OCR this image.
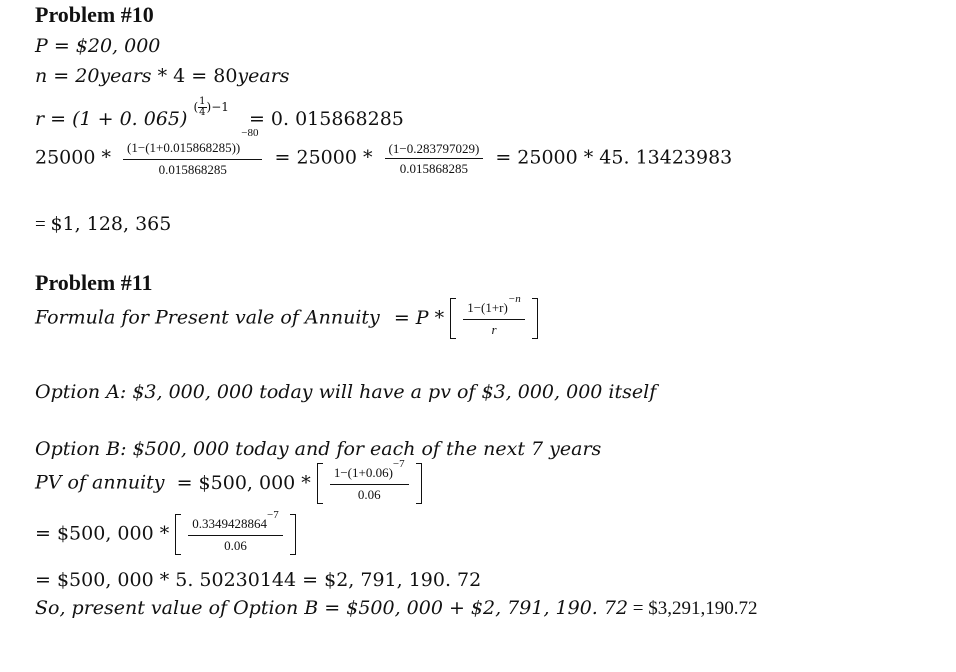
Problem #10
P = $20, 000
n = 20years * 4 = 80years
r = (1 + 0. 065) $^{( \frac{1}{4} )-1}$ = 0. 015868285
$25000 * \frac{(1-(1+0.015868285))^{-80}}{0.015868285} = 25000 * \frac{(1-0.283797029)}{0.015868285} = 25000 * 45$. 13423983
= $1, 128, 365
Problem #11
Formula for Present vale of Annuity = P * $\frac{1-(1+r)^{-n}}{r}$
Option A: $3, 000, 000 today will have a pv of $3, 000, 000 itself
Option B: $500, 000 today and for each of the next 7 years
PV of annuity = $500, $000 * \frac{1-(1+0.06)^{-7}}{0.06}$
= $500, $000 * \frac{0.3349428864^{-7}}{0.06}$
= $500, 000 * 5. 50230144 = $2, 791, 190. 72
So, present value of Option B = $500, 000 + $2, 791, 190. 72 = $3,291,190.72
